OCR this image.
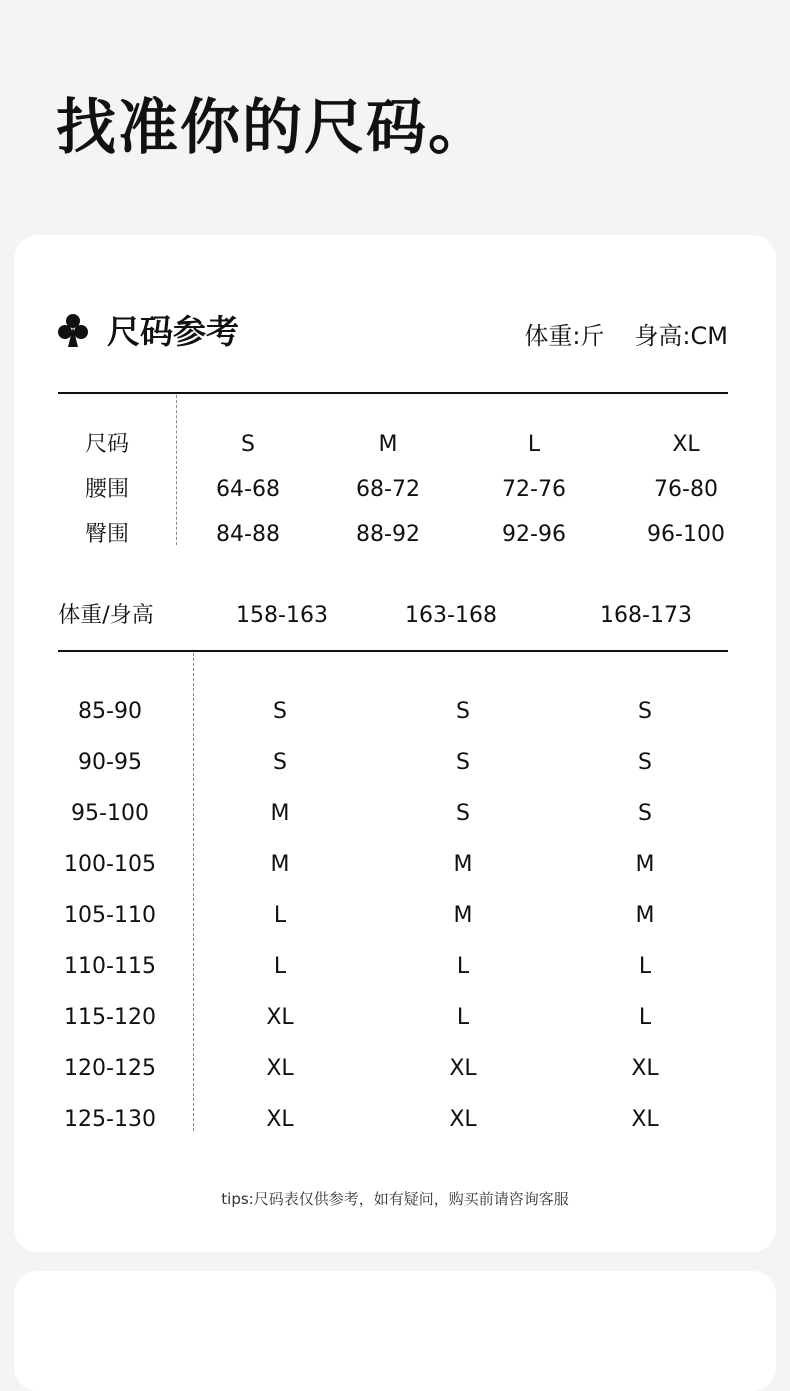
找准你的尺码。
尺码参考	体重:斤 身高:CM
尺码	S	M	L	XL
腰围	64-68	68-72	72-76	76-80
臀围	84-88	88-92	92-96	96-100
体重/身高	158-163	163-168	168-173
85-90	S	S	S
90-95	S	S	S
95-100	M	S	S
100-105	M	M	M
105-110	L	M	M
110-115	L	L	L
115-120	XL	L	L
120-125	XL	XL	XL
125-130	XL	XL	XL
tips:尺码表仅供参考，如有疑问，购买前请咨询客服
